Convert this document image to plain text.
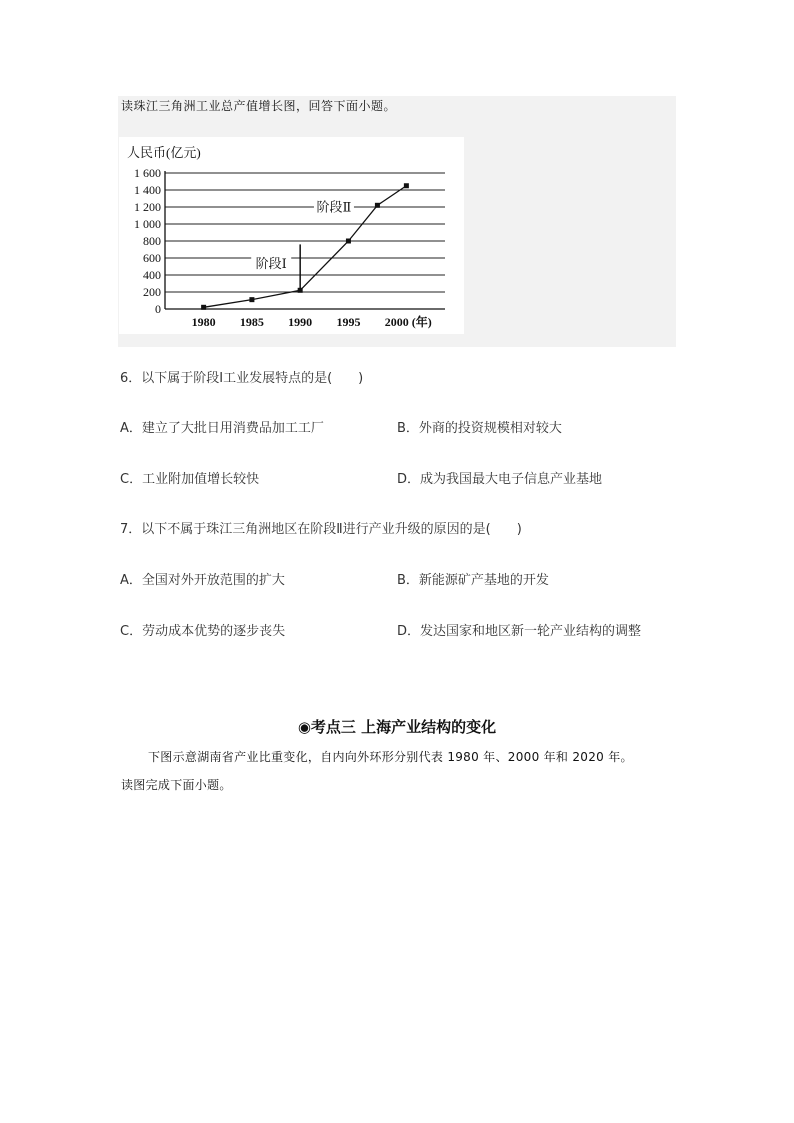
读珠江三角洲工业总产值增长图，回答下面小题。
人民币(亿元)
0
200
400
600
800
1 000
1 200
1 400
1 600
1980 1985 1990 1995 2000 (年)
阶段Ⅰ
阶段Ⅱ
6．以下属于阶段Ⅰ工业发展特点的是(　　)
A．建立了大批日用消费品加工工厂	B．外商的投资规模相对较大
C．工业附加值增长较快	D．成为我国最大电子信息产业基地
7．以下不属于珠江三角洲地区在阶段Ⅱ进行产业升级的原因的是(　　)
A．全国对外开放范围的扩大	B．新能源矿产基地的开发
C．劳动成本优势的逐步丧失	D．发达国家和地区新一轮产业结构的调整
◉考点三 上海产业结构的变化
下图示意湖南省产业比重变化，自内向外环形分别代表 1980 年、2000 年和 2020 年。
读图完成下面小题。
